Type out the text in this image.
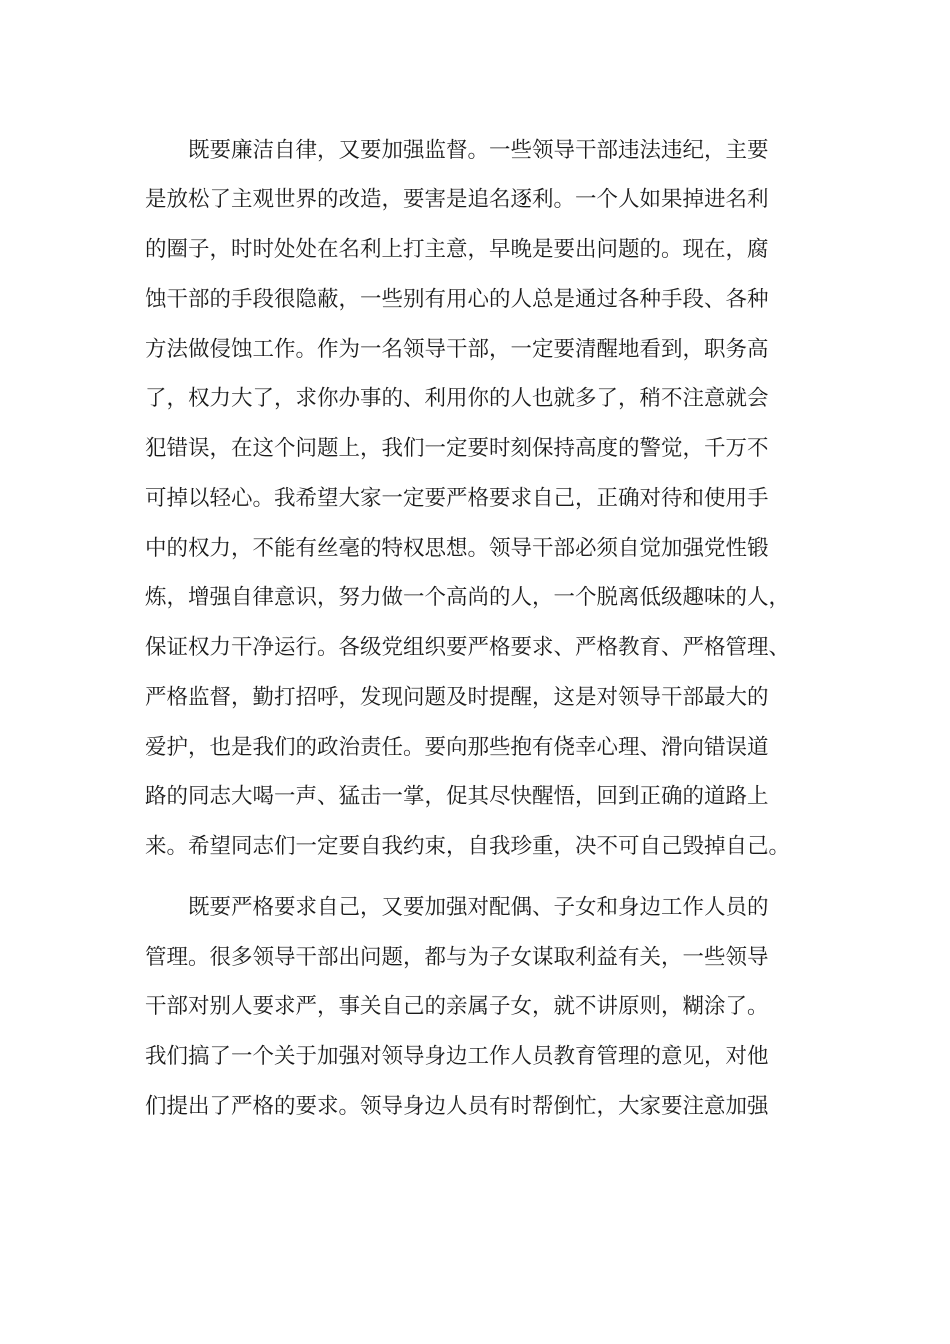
既要廉洁自律，又要加强监督。一些领导干部违法违纪，主要
是放松了主观世界的改造，要害是追名逐利。一个人如果掉进名利
的圈子，时时处处在名利上打主意，早晚是要出问题的。现在，腐
蚀干部的手段很隐蔽，一些别有用心的人总是通过各种手段、各种
方法做侵蚀工作。作为一名领导干部，一定要清醒地看到，职务高
了，权力大了，求你办事的、利用你的人也就多了，稍不注意就会
犯错误，在这个问题上，我们一定要时刻保持高度的警觉，千万不
可掉以轻心。我希望大家一定要严格要求自己，正确对待和使用手
中的权力，不能有丝毫的特权思想。领导干部必须自觉加强党性锻
炼，增强自律意识，努力做一个高尚的人，一个脱离低级趣味的人，
保证权力干净运行。各级党组织要严格要求、严格教育、严格管理、
严格监督，勤打招呼，发现问题及时提醒，这是对领导干部最大的
爱护，也是我们的政治责任。要向那些抱有侥幸心理、滑向错误道
路的同志大喝一声、猛击一掌，促其尽快醒悟，回到正确的道路上
来。希望同志们一定要自我约束，自我珍重，决不可自己毁掉自己。
既要严格要求自己，又要加强对配偶、子女和身边工作人员的
管理。很多领导干部出问题，都与为子女谋取利益有关，一些领导
干部对别人要求严，事关自己的亲属子女，就不讲原则，糊涂了。
我们搞了一个关于加强对领导身边工作人员教育管理的意见，对他
们提出了严格的要求。领导身边人员有时帮倒忙，大家要注意加强
